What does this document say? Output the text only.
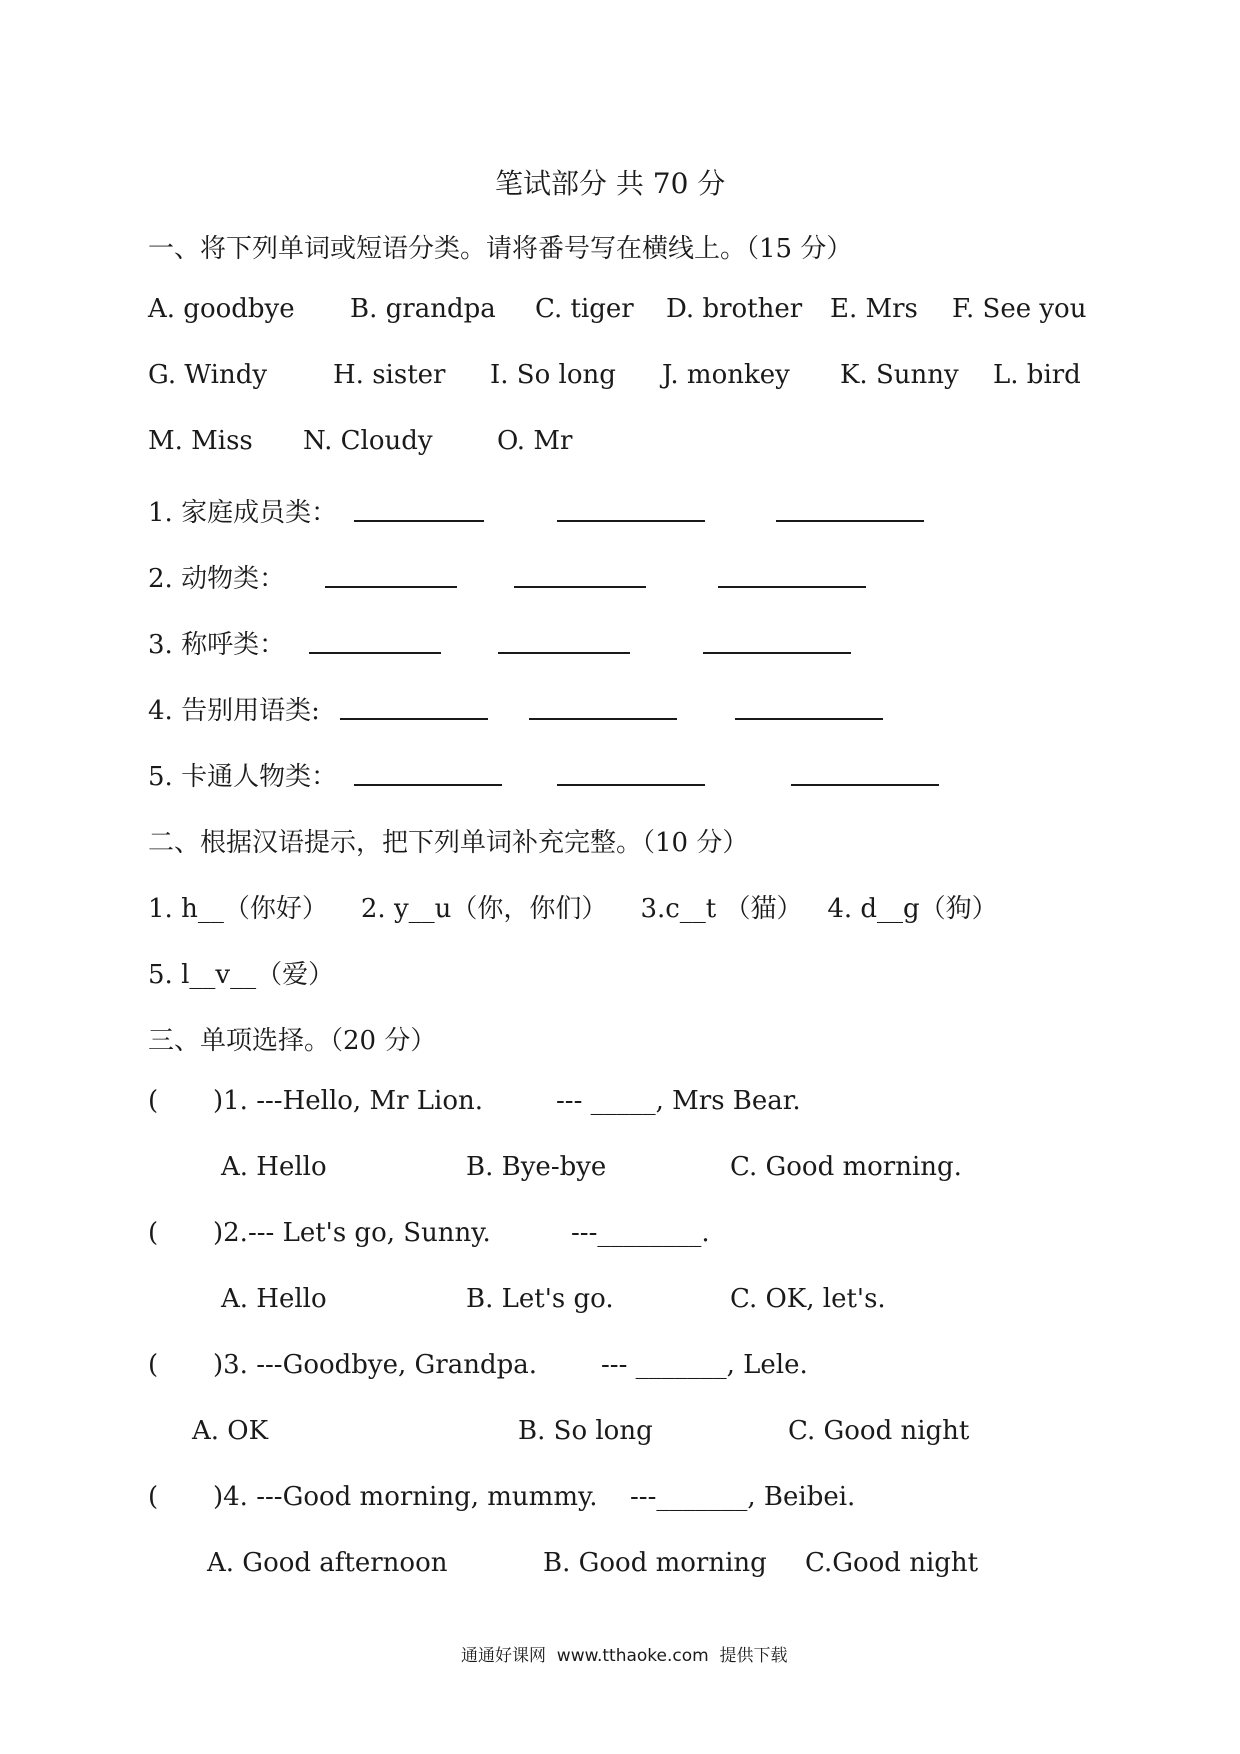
笔试部分 共 70 分
一、将下列单词或短语分类。请将番号写在横线上。（15 分）
A. goodbye B. grandpa C. tiger D. brother E. Mrs F. See you
G. Windy	H. sister I. So long J. monkey K. Sunny L. bird
M. Miss N. Cloudy O. Mr
1. 家庭成员类：
2. 动物类：
3. 称呼类：
4. 告别用语类:
5. 卡通人物类：
二、根据汉语提示，把下列单词补充完整。（10 分）
1. h__（你好）    2. y__u（你，你们）    3.c__t （猫）   4. d__g（狗）
5. l__v__（爱）
三、单项选择。（20 分）
( )1. ---Hello, Mr Lion.	--- _____, Mrs Bear.
A. Hello	B. Bye-bye	C. Good morning.
( )2.--- Let's go, Sunny.	---________.
A. Hello	B. Let's go.	C. OK, let's.
( )3. ---Goodbye, Grandpa. --- _______, Lele.
A. OK	B. So long	C. Good night
( )4. ---Good morning, mummy. ---_______, Beibei.
A. Good afternoon	B. Good morning C.Good night
通通好课网  www.tthaoke.com  提供下载
